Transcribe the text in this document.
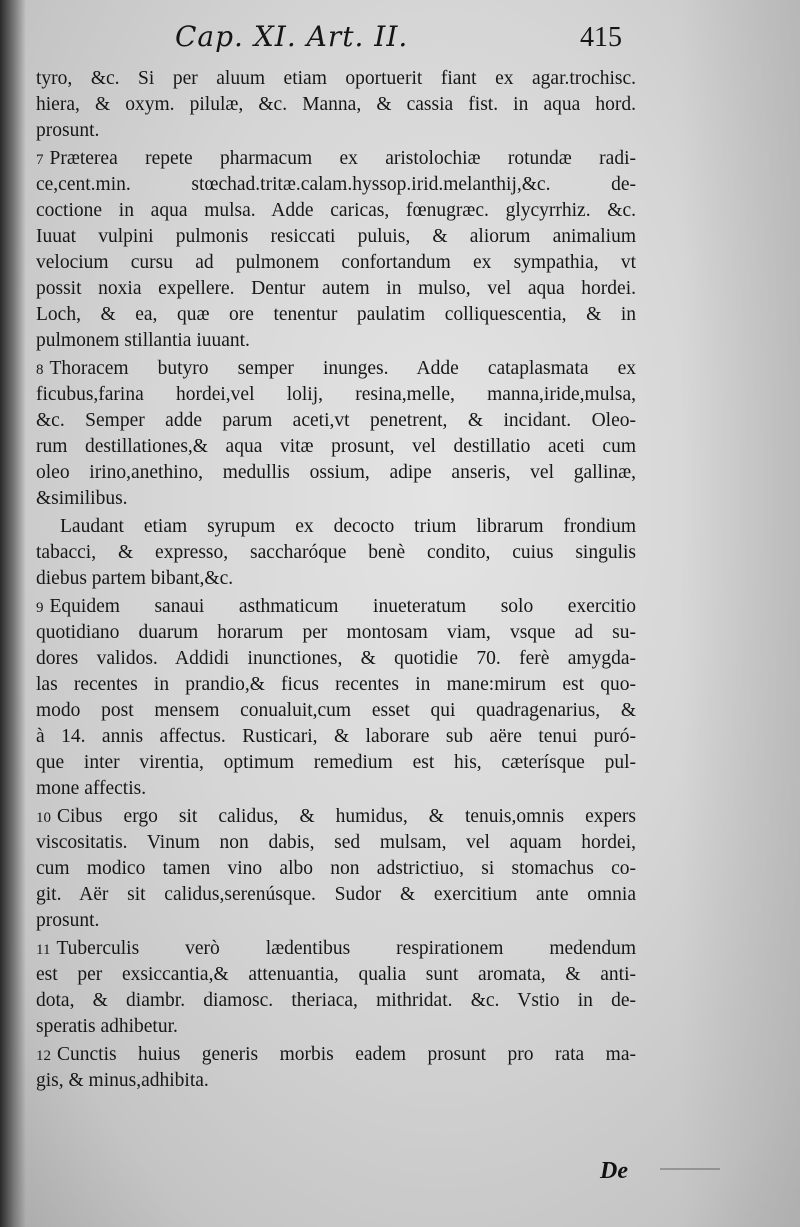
Cap. XI. Art. II.	415
tyro, &c. Si per aluum etiam oportuerit fiant ex agar.trochisc.
hiera, & oxym. pilulæ, &c. Manna, & cassia fist. in aqua hord.
prosunt.
7 Præterea repete pharmacum ex aristolochiæ rotundæ radi-
ce,cent.min. stœchad.tritæ.calam.hyssop.irid.melanthij,&c. de-
coctione in aqua mulsa. Adde caricas, fœnugræc. glycyrrhiz. &c.
Iuuat vulpini pulmonis resiccati puluis, & aliorum animalium
velocium cursu ad pulmonem confortandum ex sympathia, vt
possit noxia expellere. Dentur autem in mulso, vel aqua hordei.
Loch, & ea, quæ ore tenentur paulatim colliquescentia, & in
pulmonem stillantia iuuant.
8 Thoracem butyro semper inunges. Adde cataplasmata ex
ficubus,farina hordei,vel lolij, resina,melle, manna,iride,mulsa,
&c. Semper adde parum aceti,vt penetrent, & incidant. Oleo-
rum destillationes,& aqua vitæ prosunt, vel destillatio aceti cum
oleo irino,anethino, medullis ossium, adipe anseris, vel gallinæ,
&similibus.
Laudant etiam syrupum ex decocto trium librarum frondium
tabacci, & expresso, saccharóque benè condito, cuius singulis
diebus partem bibant,&c.
9 Equidem sanaui asthmaticum inueteratum solo exercitio
quotidiano duarum horarum per montosam viam, vsque ad su-
dores validos. Addidi inunctiones, & quotidie 70. ferè amygda-
las recentes in prandio,& ficus recentes in mane:mirum est quo-
modo post mensem conualuit,cum esset qui quadragenarius, &
à 14. annis affectus. Rusticari, & laborare sub aëre tenui puró-
que inter virentia, optimum remedium est his, cæterísque pul-
mone affectis.
10 Cibus ergo sit calidus, & humidus, & tenuis,omnis expers
viscositatis. Vinum non dabis, sed mulsam, vel aquam hordei,
cum modico tamen vino albo non adstrictiuo, si stomachus co-
git. Aër sit calidus,serenúsque. Sudor & exercitium ante omnia
prosunt.
11 Tuberculis verò lædentibus respirationem medendum
est per exsiccantia,& attenuantia, qualia sunt aromata, & anti-
dota, & diambr. diamosc. theriaca, mithridat. &c. Vstio in de-
speratis adhibetur.
12 Cunctis huius generis morbis eadem prosunt pro rata ma-
gis, & minus,adhibita.
De
